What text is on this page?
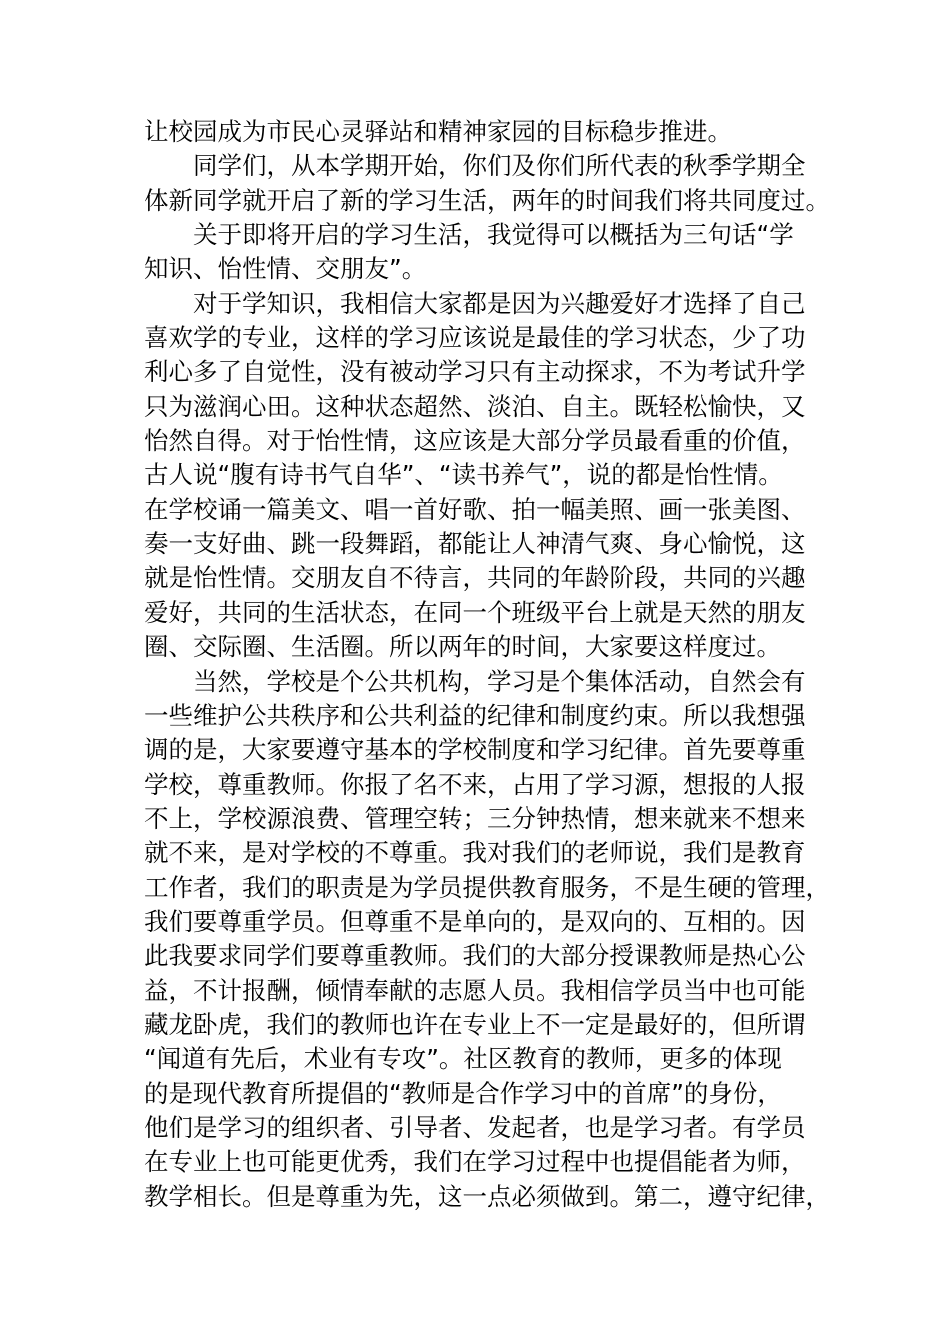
让校园成为市民心灵驿站和精神家园的目标稳步推进。
同学们，从本学期开始，你们及你们所代表的秋季学期全
体新同学就开启了新的学习生活，两年的时间我们将共同度过。
关于即将开启的学习生活，我觉得可以概括为三句话“学
知识、怡性情、交朋友”。
对于学知识，我相信大家都是因为兴趣爱好才选择了自己
喜欢学的专业，这样的学习应该说是最佳的学习状态，少了功
利心多了自觉性，没有被动学习只有主动探求，不为考试升学
只为滋润心田。这种状态超然、淡泊、自主。既轻松愉快，又
怡然自得。对于怡性情，这应该是大部分学员最看重的价值，
古人说“腹有诗书气自华”、“读书养气”，说的都是怡性情。
在学校诵一篇美文、唱一首好歌、拍一幅美照、画一张美图、
奏一支好曲、跳一段舞蹈，都能让人神清气爽、身心愉悦，这
就是怡性情。交朋友自不待言，共同的年龄阶段，共同的兴趣
爱好，共同的生活状态，在同一个班级平台上就是天然的朋友
圈、交际圈、生活圈。所以两年的时间，大家要这样度过。
当然，学校是个公共机构，学习是个集体活动，自然会有
一些维护公共秩序和公共利益的纪律和制度约束。所以我想强
调的是，大家要遵守基本的学校制度和学习纪律。首先要尊重
学校，尊重教师。你报了名不来，占用了学习源，想报的人报
不上，学校源浪费、管理空转；三分钟热情，想来就来不想来
就不来，是对学校的不尊重。我对我们的老师说，我们是教育
工作者，我们的职责是为学员提供教育服务，不是生硬的管理，
我们要尊重学员。但尊重不是单向的，是双向的、互相的。因
此我要求同学们要尊重教师。我们的大部分授课教师是热心公
益，不计报酬，倾情奉献的志愿人员。我相信学员当中也可能
藏龙卧虎，我们的教师也许在专业上不一定是最好的，但所谓
“闻道有先后，术业有专攻”。社区教育的教师，更多的体现
的是现代教育所提倡的“教师是合作学习中的首席”的身份，
他们是学习的组织者、引导者、发起者，也是学习者。有学员
在专业上也可能更优秀，我们在学习过程中也提倡能者为师，
教学相长。但是尊重为先，这一点必须做到。第二，遵守纪律，
